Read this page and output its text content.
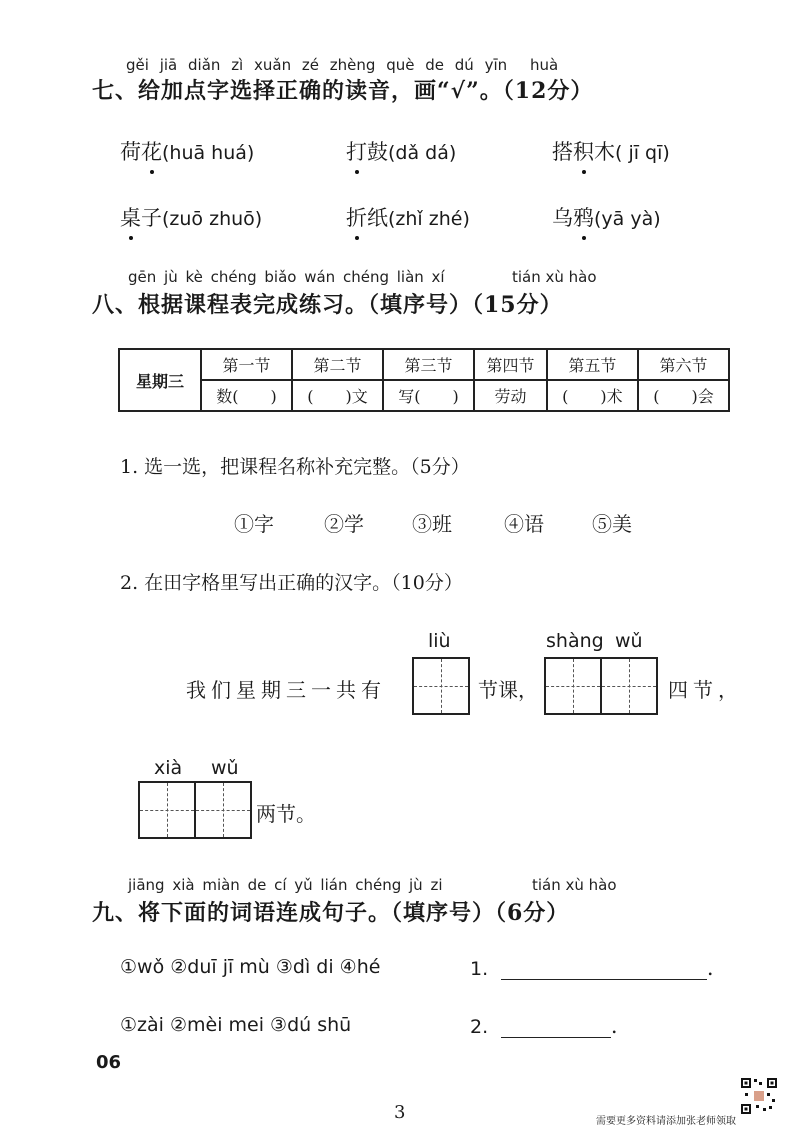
gěi jiā diǎn zì xuǎn zé zhèng què de dú yīn huà
七、给加点字选择正确的读音，画“√”。（12分）
荷花(huā huá)	打鼓(dǎ dá)	搭积木( jī qī)
桌子(zuō zhuō)	折纸(zhǐ zhé)	乌鸦(yā yà)
gēn jù kè chéng biǎo wán chéng liàn xí	tián xù hào
八、根据课程表完成练习。（填序号）（15分）
星期三	第一节	第二节	第三节	第四节	第五节	第六节
	数(　　)	(　　)文	写(　　)	劳动	(　　)术	(　　)会
1. 选一选，把课程名称补充完整。（5分）
①字	②学 ③班	④语 ⑤美
2. 在田字格里写出正确的汉字。（10分）
liù	shàng wǔ
我们星期三一共有	节课，	四节，
xià wǔ
两节。
jiāng xià miàn de cí yǔ lián chéng jù zi	tián xù hào
九、将下面的词语连成句子。（填序号）（6分）
①wǒ ②duī jī mù ③dì di ④hé	1.	.
①zài ②mèi mei ③dú shū	2.	.
06
3	需要更多资料请添加张老师领取
